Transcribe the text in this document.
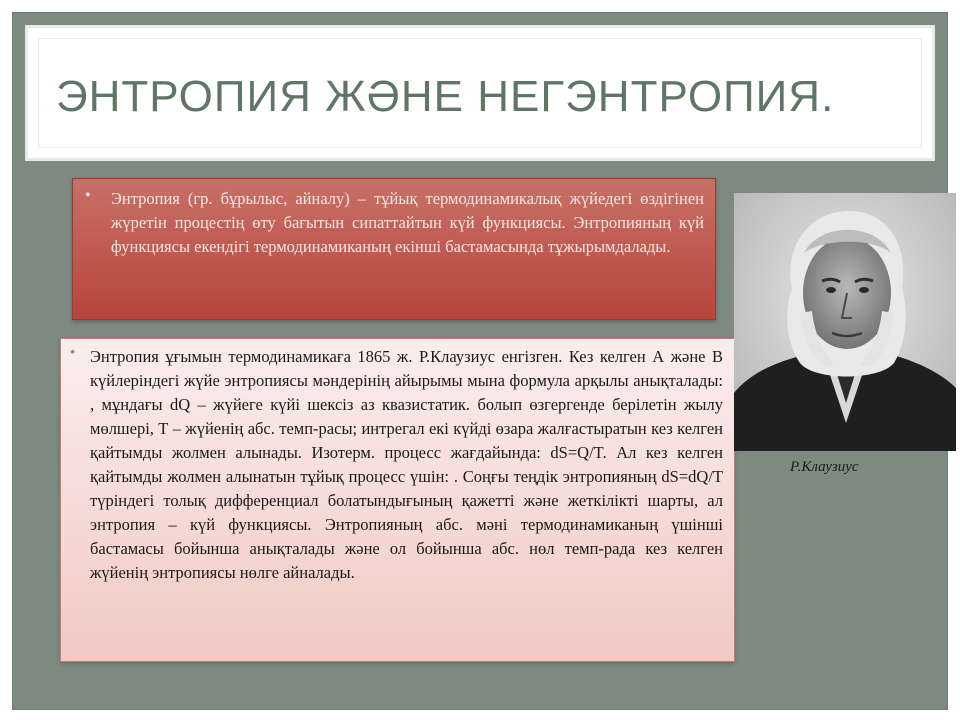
ЭНТРОПИЯ ЖӘНЕ НЕГЭНТРОПИЯ.
• Энтропия (гр. бұрылыс, айналу) – тұйық термодинамикалық жүйедегі өздігінен жүретін процестің өту бағытын сипаттайтын күй функциясы. Энтропияның күй функциясы екендігі термодинамиканың екінші бастамасында тұжырымдалады.

• Энтропия ұғымын термодинамикаға 1865 ж. Р.Клаузиус енгізген. Кез келген А және В күйлеріндегі жүйе энтропиясы мәндерінің айырымы мына формула арқылы анықталады: , мұндағы dQ – жүйеге күйі шексіз аз квазистатик. болып өзгергенде берілетін жылу мөлшері, Т – жүйенің абс. темп-расы; интрегал екі күйді өзара жалғастыратын кез келген қайтымды жолмен алынады. Изотерм. процесс жағдайында: dS=Q/T. Ал кез келген қайтымды жолмен алынатын тұйық процесс үшін: . Соңғы теңдік энтропияның dS=dQ/T түріндегі толық дифференциал болатындығының қажетті және жеткілікті шарты, ал энтропия – күй функциясы. Энтропияның абс. мәні термодинамиканың үшінші бастамасы бойынша анықталады және ол бойынша абс. нөл темп-рада кез келген жүйенің энтропиясы нөлге айналады.

Р.Клаузиус
